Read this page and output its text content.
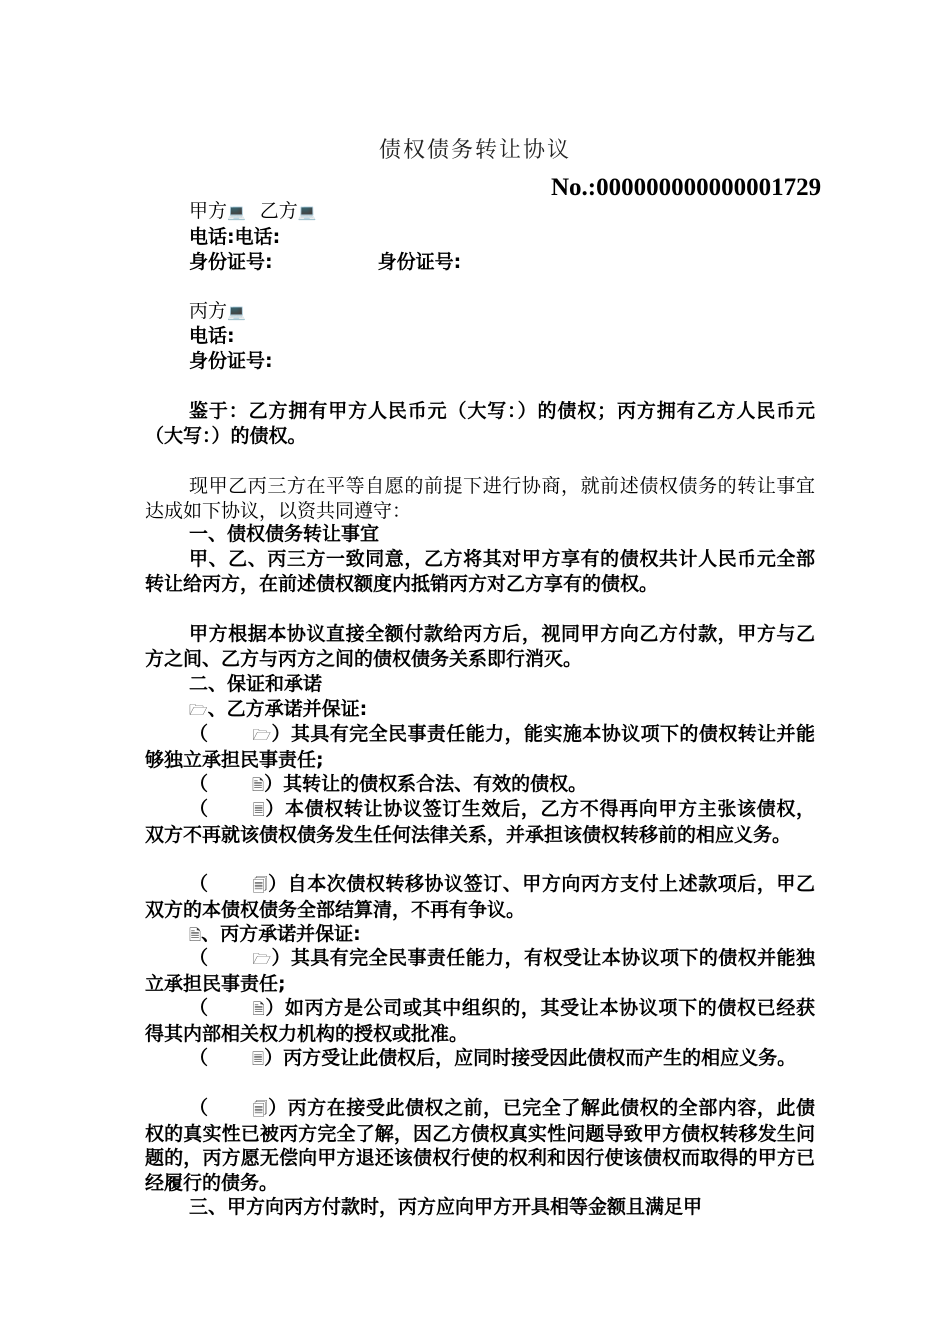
债权债务转让协议
No.:000000000000001729
甲方💻 乙方💻
电话:电话:
身份证号:	身份证号:
丙方💻
电话:
身份证号:
鉴于：乙方拥有甲方人民币元（大写：）的债权；丙方拥有乙方人民币元（大写：）的债权。
现甲乙丙三方在平等自愿的前提下进行协商，就前述债权债务的转让事宜达成如下协议，以资共同遵守：
一、债权债务转让事宜
甲、乙、丙三方一致同意，乙方将其对甲方享有的债权共计人民币元全部转让给丙方，在前述债权额度内抵销丙方对乙方享有的债权。
甲方根据本协议直接全额付款给丙方后，视同甲方向乙方付款，甲方与乙方之间、乙方与丙方之间的债权债务关系即行消灭。
二、保证和承诺
🗁、乙方承诺并保证:
（	🗁）其具有完全民事责任能力，能实施本协议项下的债权转让并能够独立承担民事责任;
（	🗎）其转让的债权系合法、有效的债权。
（	🗏）本债权转让协议签订生效后，乙方不得再向甲方主张该债权，双方不再就该债权债务发生任何法律关系，并承担该债权转移前的相应义务。
（	🗐）自本次债权转移协议签订、甲方向丙方支付上述款项后，甲乙双方的本债权债务全部结算清，不再有争议。
🗎、丙方承诺并保证:
（	🗁）其具有完全民事责任能力，有权受让本协议项下的债权并能独立承担民事责任;
（	🗎）如丙方是公司或其中组织的，其受让本协议项下的债权已经获得其内部相关权力机构的授权或批准。
（	🗏）丙方受让此债权后，应同时接受因此债权而产生的相应义务。
（	🗐）丙方在接受此债权之前，已完全了解此债权的全部内容，此债权的真实性已被丙方完全了解，因乙方债权真实性问题导致甲方债权转移发生问题的，丙方愿无偿向甲方退还该债权行使的权利和因行使该债权而取得的甲方已经履行的债务。
三、甲方向丙方付款时，丙方应向甲方开具相等金额且满足甲
